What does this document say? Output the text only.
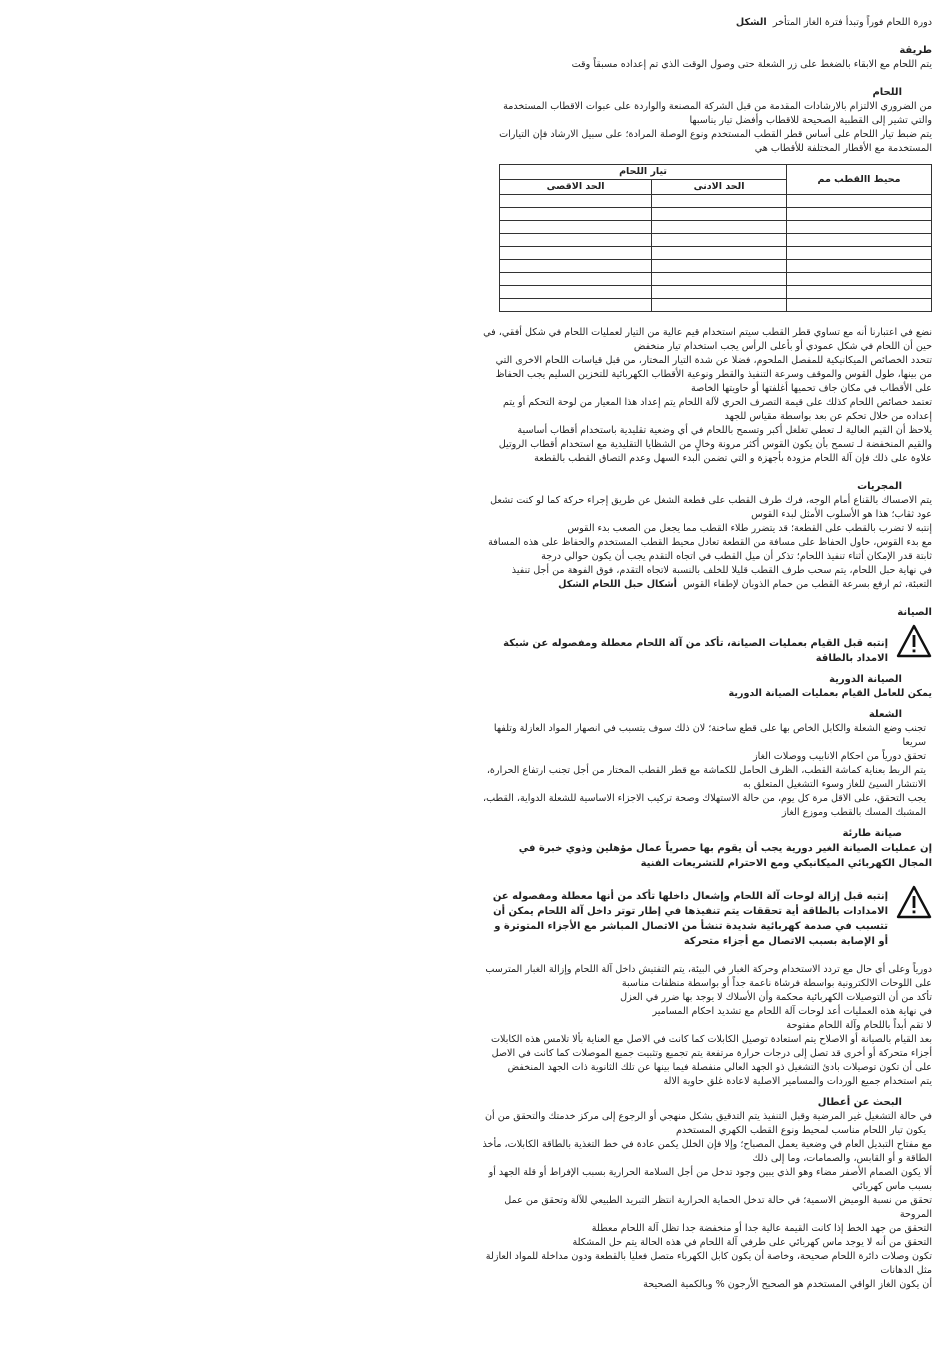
دورة اللحام فوراً وتبدأ فترة الغاز المتأخر  الشكل

طريقة

يتم اللحام مع الابقاء بالضغط على زر الشعلة حتى وصول الوقت الذي تم إعداده مسبقاً وقت

اللحام

من الضروري الالتزام بالارشادات المقدمة من قبل الشركة المصنعة والواردة على عبوات الاقطاب المستخدمة والتي تشير إلى القطبية الصحيحة للاقطاب وأفضل تيار يناسبها

يتم ضبط تيار اللحام على أساس قطر القطب المستخدم ونوع الوصلة المرادة؛ على سبيل الارشاد فإن التيارات المستخدمة مع الأقطار المختلفة للأقطاب هي

محيط االقطب مم	تيار اللحام	
	الحد الادنى	الحد الاقصى

نضع في اعتبارنا أنه مع تساوي قطر القطب سيتم استخدام قيم عالية من التيار لعمليات اللحام في شكل أفقي، في حين أن اللحام في شكل عمودي أو بأعلى الرأس يجب استخدام تيار منخفض

تتحدد الخصائص الميكانيكية للمفصل الملحوم، فضلا عن شدة التيار المختار، من قبل قياسات اللحام الاخرى التي من بينها، طول القوس والموقف وسرعة التنفيذ والقطر ونوعية الأقطاب الكهربائية للتخزين السليم يجب الحفاظ على الأقطاب في مكان جاف تحميها أغلفتها أو حاويتها الخاصة

تعتمد خصائص اللحام كذلك على قيمة التصرف الحري لآلة اللحام يتم إعداد هذا المعيار من لوحة التحكم أو يتم إعداده من خلال تحكم عن بعد بواسطة مقياس للجهد

يلاحظ أن القيم العالية لـ تعطي تغلغل أكبر وتسمح باللحام في أي وضعية تقليدية باستخدام أقطاب أساسية

والقيم المنخفضة لـ تسمح بأن يكون القوس أكثر مرونة وخالٍ من الشظايا التقليدية مع استخدام أقطاب الروتيل

علاوة على ذلك فإن آلة اللحام مزودة بأجهزة و التي تضمن البدء السهل وعدم التصاق القطب بالقطعة

المجريات

يتم الاصساك بالقناع أمام الوجه، فرك طرف القطب على قطعة الشغل عن طريق إجراء حركة كما لو كنت تشعل عود ثقاب؛ هذا هو الأسلوب الأمثل لبدء القوس

إنتبه لا تضرب بالقطب على القطعة؛ قد يتضرر طلاء القطب مما يجعل من الصعب بدء القوس

مع بدء القوس، حاول الحفاظ على مسافة من القطعة تعادل محيط القطب المستخدم والحفاظ على هذه المسافة ثابتة قدر الإمكان أثناء تنفيذ اللحام؛ تذكر أن ميل القطب في اتجاه التقدم يجب أن يكون حوالي درجة

في نهاية حبل اللحام، يتم سحب طرف القطب قليلا للخلف بالنسبة لاتجاه التقدم، فوق الفوهة من أجل تنفيذ التعبئة، ثم ارفع بسرعة القطب من حمام الذوبان لإطفاء القوس  أشكال حبل اللحام الشكل

الصيانة

إنتبه قبل القيام بعمليات الصيانة، تأكد من آلة اللحام معطلة ومفصوله عن شبكة الامداد بالطاقة

الصيانة الدورية

يمكن للعامل القيام بعمليات الصيانة الدورية

الشعلة

تجنب وضع الشعلة والكابل الخاص بها على قطع ساخنة؛ لان ذلك سوف يتسبب في انصهار المواد العازلة وتلفها سريعا

تحقق دورياً من احكام الانابيب ووصلات الغاز

يتم الربط بعناية كماشة القطب، الظرف الحامل للكماشة مع قطر القطب المختار من أجل تجنب ارتفاع الحرارة، الانتشار السيئ للغاز وسوء التشغيل المتعلق به

يجب التحقق، على الاقل مرة كل يوم، من حالة الاستهلاك وصحة تركيب الاجزاء الاساسية للشعلة الدواية، القطب، المشبك المسك بالقطب وموزع الغاز

صيانة طارئة

إن عمليات الصيانة الغير دورية يجب أن يقوم بها حصرياً عمال مؤهلين وذوي خبرة في المجال الكهربائي الميكانيكي ومع الاحترام للتشريعات الفنية

إنتبه قبل إزالة لوحات آلة اللحام وإشعال داخلها تأكد من أنها معطلة ومفصوله عن الامدادات بالطاقة أية تحققات يتم تنفيذها في إطار توتر داخل آلة اللحام يمكن أن تتسبب في صدمة كهربائية شديدة تنشأ من الاتصال المباشر مع الأجزاء المتوترة و أو الإصابة بسبب الاتصال مع أجزاء متحركة

دورياً وعلى أي حال مع تردد الاستخدام وحركة الغبار في البيئة، يتم التفتيش داخل آلة اللحام وإزالة الغبار المترسب على اللوحات الالكترونية بواسطة فرشاة ناعمة جداً أو بواسطة منظفات مناسبة

تأكد من أن التوصيلات الكهربائية محكمة وأن الأسلاك لا يوجد بها ضرر في العزل

في نهاية هذه العمليات أعد لوحات آلة اللحام مع تشديد احكام المسامير

لا تقم أبداً باللحام وآلة اللحام مفتوحة

بعد القيام بالصيانة أو الاصلاح يتم استعادة توصيل الكابلات كما كانت في الاصل مع العناية بألا تلامس هذه الكابلات أجزاء متحركة أو أخرى قد تصل إلى درجات حرارة مرتفعة يتم تجميع وتثبيت جميع الموصلات كما كانت في الاصل على أن تكون توصيلات بادئ التشغيل ذو الجهد العالي منفصلة فيما بينها عن تلك الثانوية ذات الجهد المنخفض

يتم استخدام جميع الوردات والمسامير الاصلية لاعادة غلق حاوية الالة

البحث عن أعطال

في حالة التشغيل غير المرضية وقبل التنفيذ يتم التدقيق بشكل منهجي أو الرجوع إلى مركز خدمتك والتحقق من أن

يكون تيار اللحام مناسب لمحيط ونوع القطب الكهري المستخدم

مع مفتاح التبديل العام في وضعية يعمل المصباح؛ وإلا فإن الخلل يكمن عادة في خط التغذية بالطاقة الكابلات، مأخذ الطاقة و أو القابس، والصمامات، وما إلى ذلك

ألا يكون الصمام الأصفر مضاء وهو الذي يبين وجود تدخل من أجل السلامة الحرارية بسبب الإفراط أو قلة الجهد أو بسبب ماس كهربائي

تحقق من نسبة الوميض الاسمية؛ في حالة تدخل الحماية الحرارية انتظر التبريد الطبيعي للآلة وتحقق من عمل المروحة

التحقق من جهد الخط إذا كانت القيمة عالية جدا أو منخفضة جدا تظل آلة اللحام معطلة

التحقق من أنه لا يوجد ماس كهربائي على طرفي آلة اللحام في هذه الحالة يتم حل المشكلة

تكون وصلات دائرة اللحام صحيحة، وخاصة أن يكون كابل الكهرباء متصل فعليا بالقطعة ودون مداخلة للمواد العازلة مثل الدهانات

أن يكون الغاز الواقي المستخدم هو الصحيح الأرجون % وبالكمية الصحيحة
